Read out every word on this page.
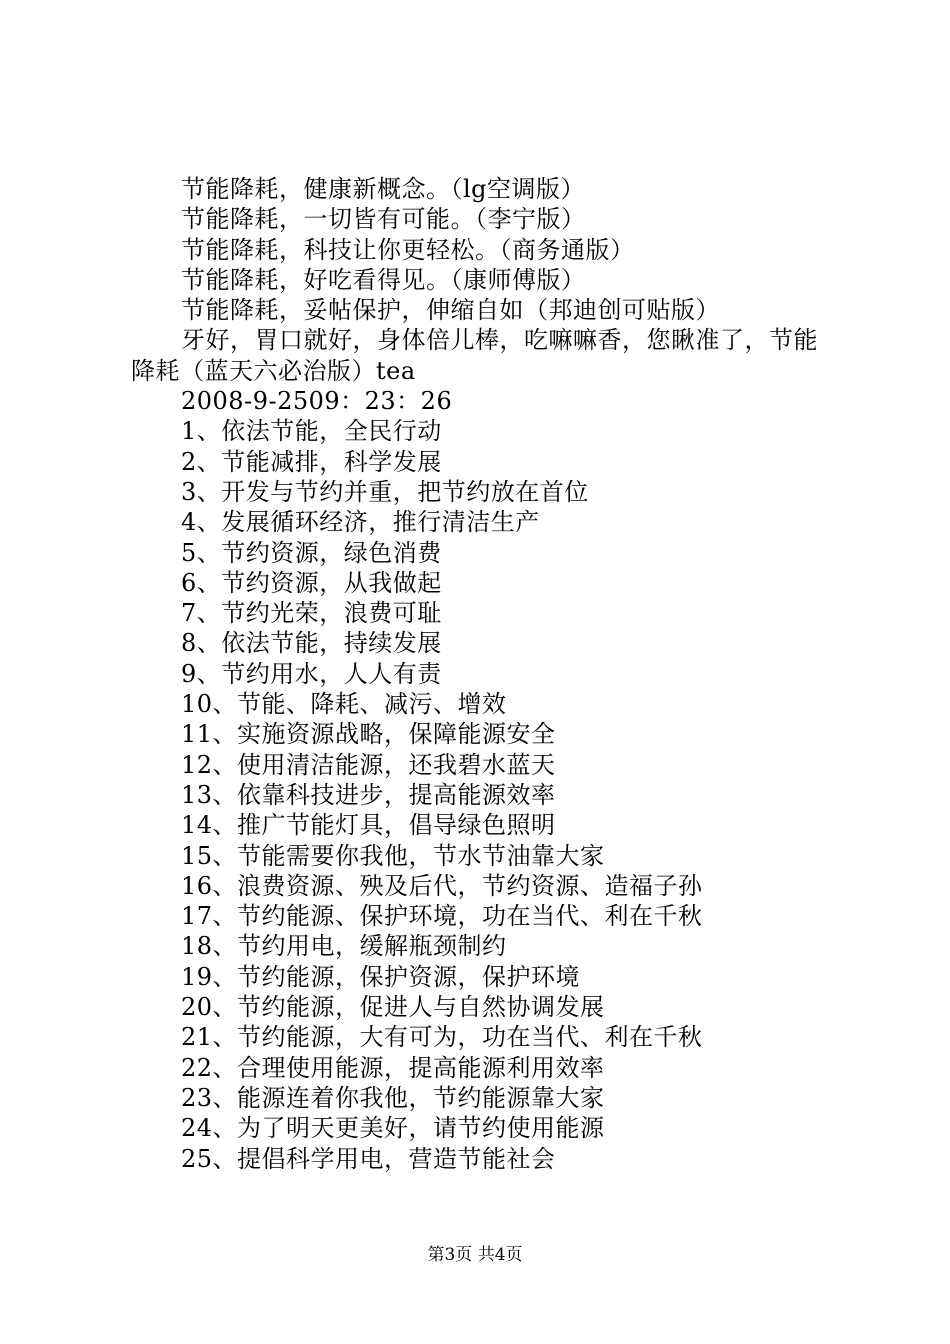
节能降耗，健康新概念。（lg空调版）
节能降耗，一切皆有可能。（李宁版）
节能降耗，科技让你更轻松。（商务通版）
节能降耗，好吃看得见。（康师傅版）
节能降耗，妥帖保护，伸缩自如（邦迪创可贴版）
牙好，胃口就好，身体倍儿棒，吃嘛嘛香，您瞅准了，节能降耗（蓝天六必治版）tea
2008-9-2509：23：26
1、依法节能，全民行动
2、节能减排，科学发展
3、开发与节约并重，把节约放在首位
4、发展循环经济，推行清洁生产
5、节约资源，绿色消费
6、节约资源，从我做起
7、节约光荣，浪费可耻
8、依法节能，持续发展
9、节约用水，人人有责
10、节能、降耗、减污、增效
11、实施资源战略，保障能源安全
12、使用清洁能源，还我碧水蓝天
13、依靠科技进步，提高能源效率
14、推广节能灯具，倡导绿色照明
15、节能需要你我他，节水节油靠大家
16、浪费资源、殃及后代，节约资源、造福子孙
17、节约能源、保护环境，功在当代、利在千秋
18、节约用电，缓解瓶颈制约
19、节约能源，保护资源，保护环境
20、节约能源，促进人与自然协调发展
21、节约能源，大有可为，功在当代、利在千秋
22、合理使用能源，提高能源利用效率
23、能源连着你我他，节约能源靠大家
24、为了明天更美好，请节约使用能源
25、提倡科学用电，营造节能社会
第3页 共4页
